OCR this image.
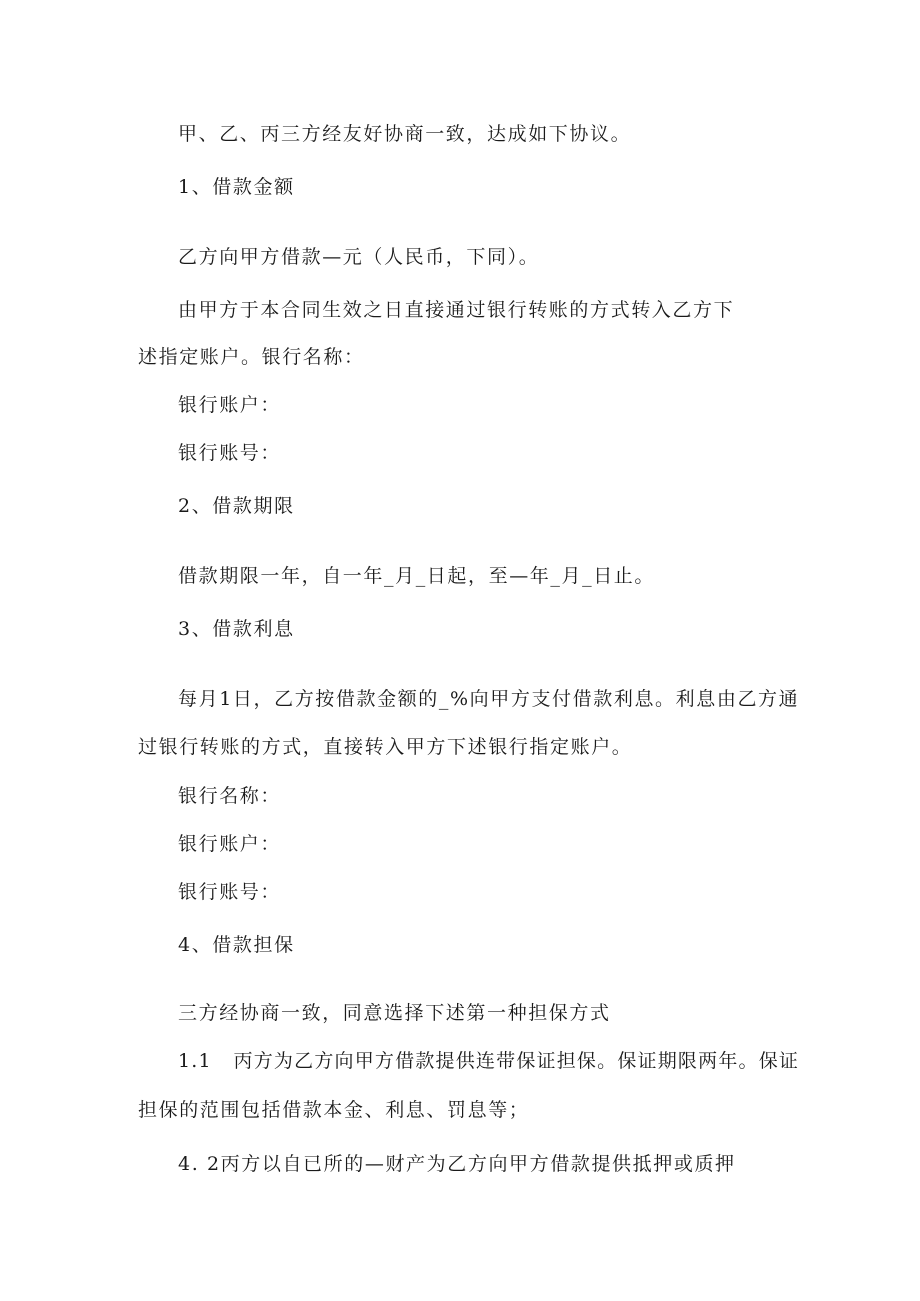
甲、乙、丙三方经友好协商一致，达成如下协议。
1、借款金额
乙方向甲方借款—元（人民币，下同）。
由甲方于本合同生效之日直接通过银行转账的方式转入乙方下
述指定账户。银行名称：
银行账户：
银行账号：
2、借款期限
借款期限一年，自一年_月_日起，至—年_月_日止。
3、借款利息
每月1日，乙方按借款金额的_%向甲方支付借款利息。利息由乙方通
过银行转账的方式，直接转入甲方下述银行指定账户。
银行名称：
银行账户：
银行账号：
4、借款担保
三方经协商一致，同意选择下述第一种担保方式
1.1   丙方为乙方向甲方借款提供连带保证担保。保证期限两年。保证
担保的范围包括借款本金、利息、罚息等；
4. 2丙方以自已所的—财产为乙方向甲方借款提供抵押或质押
